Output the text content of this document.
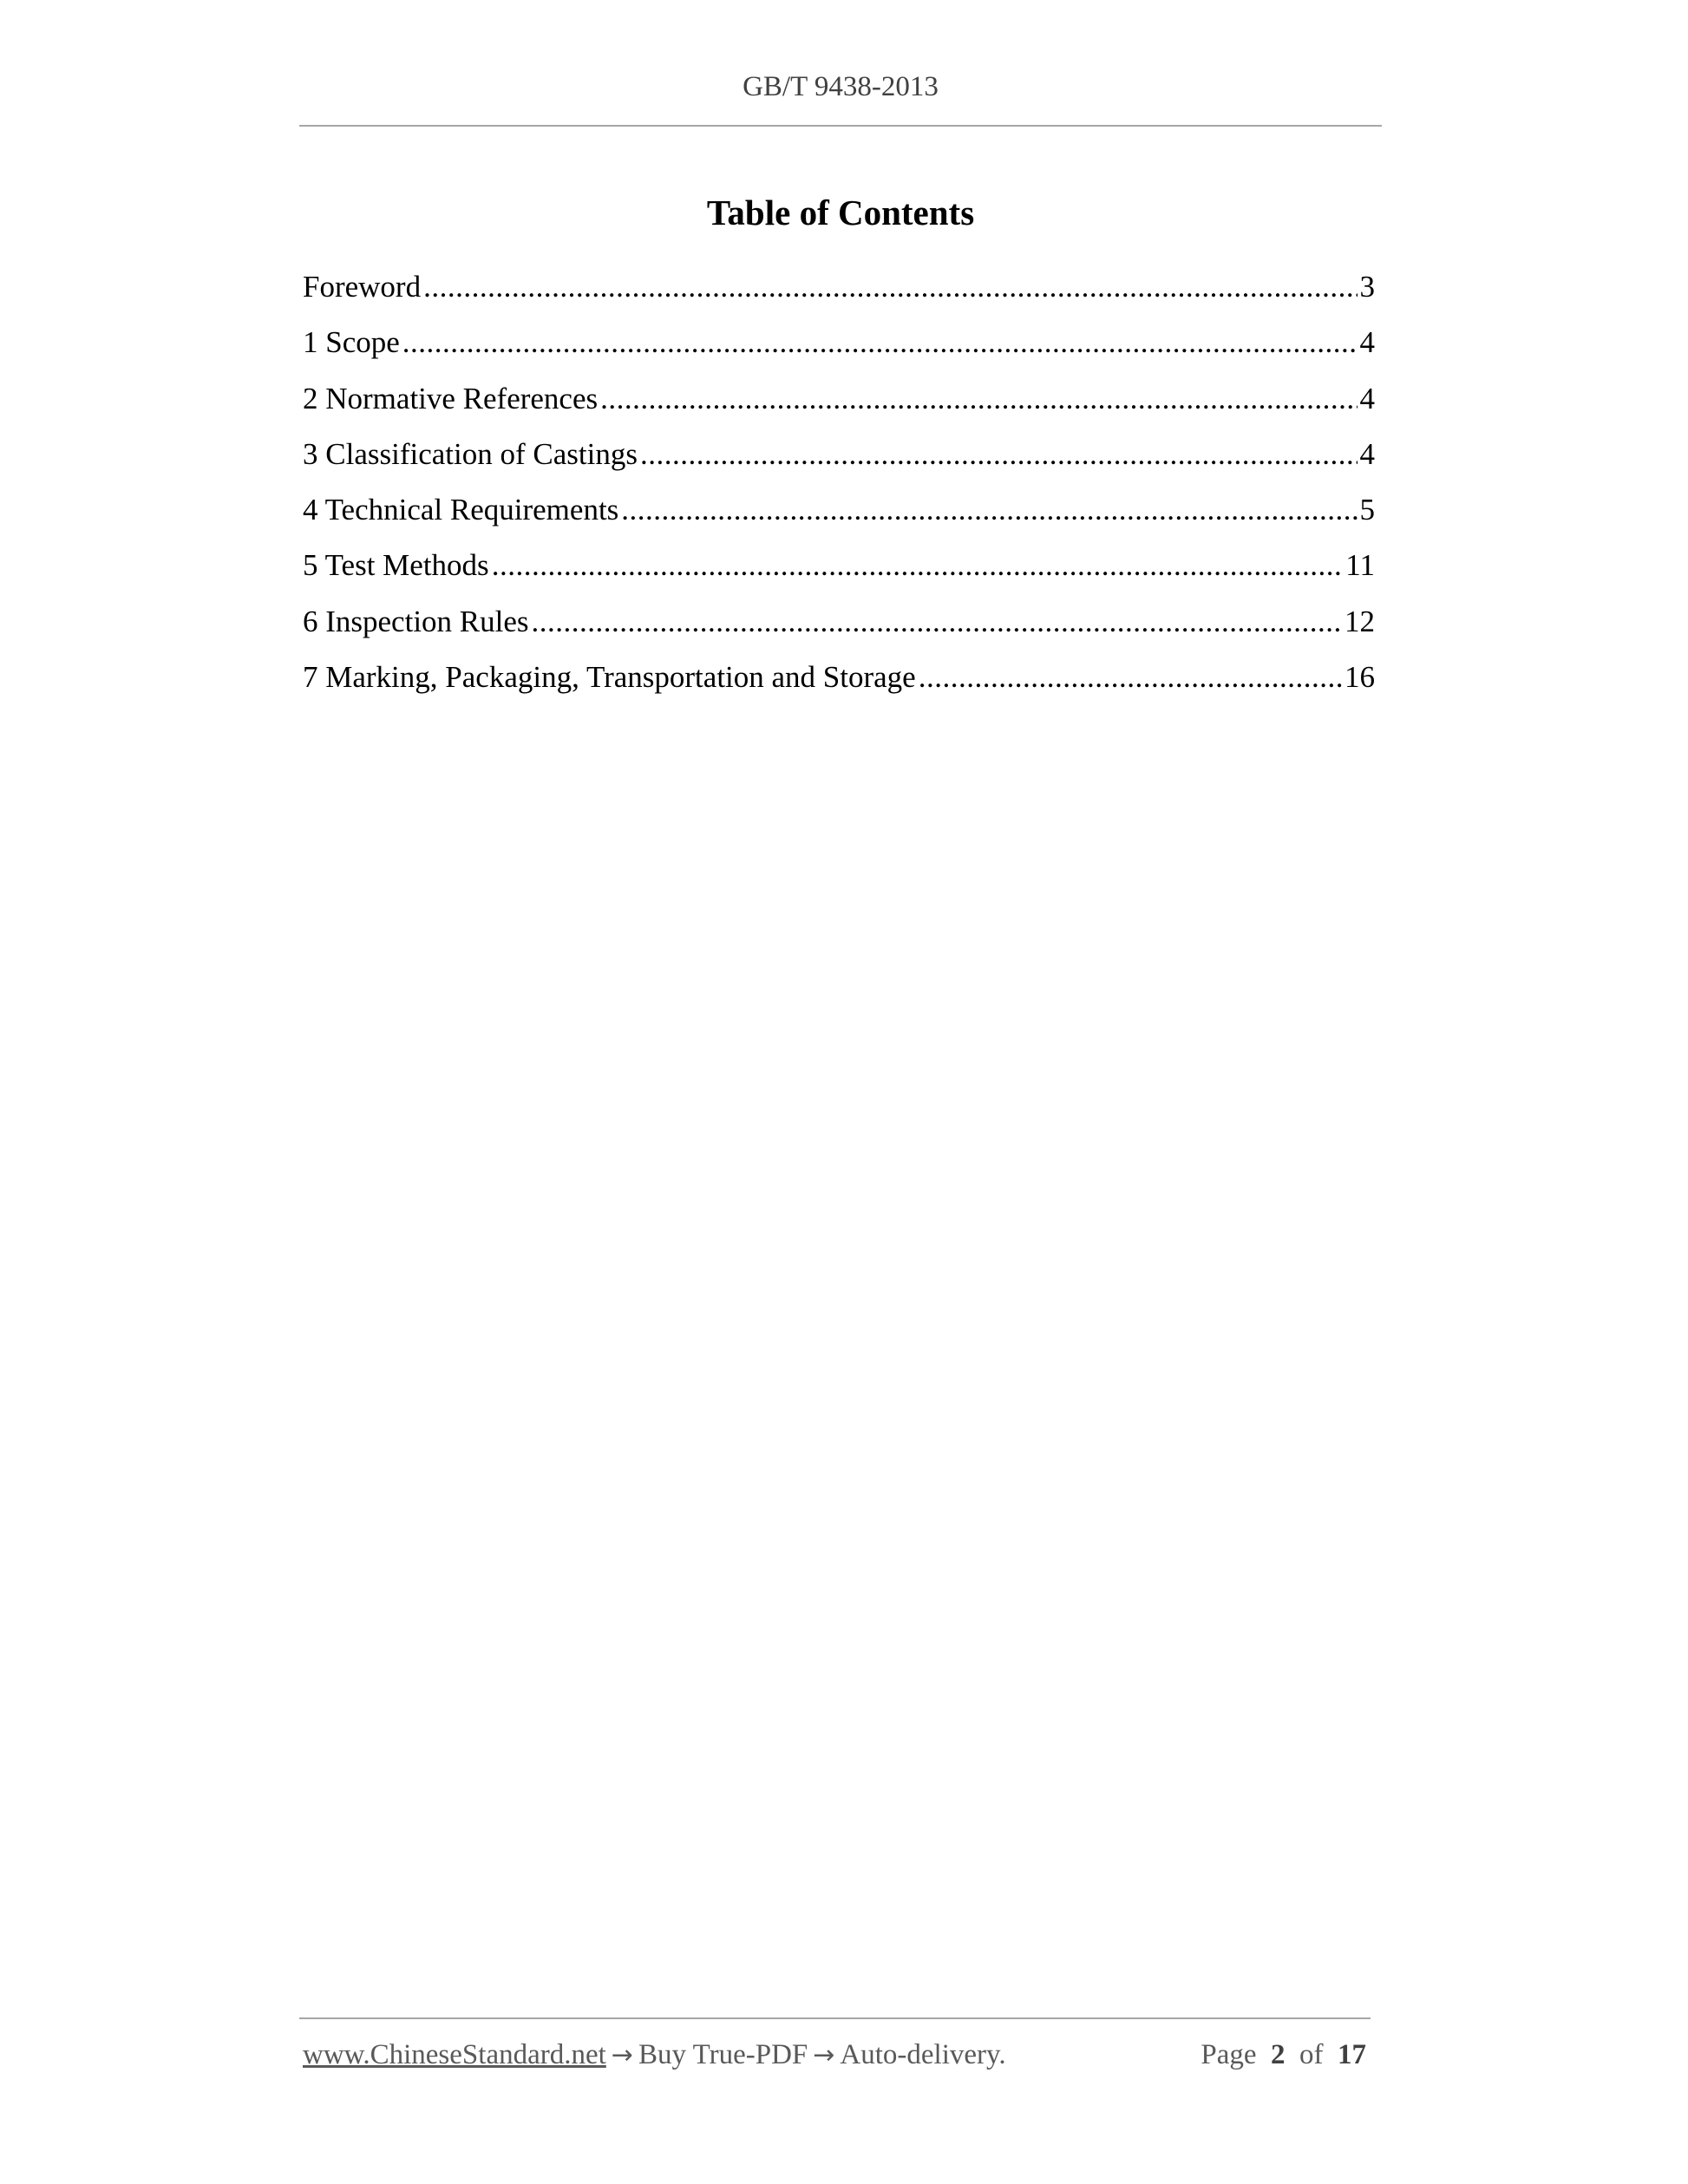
GB/T 9438-2013
Table of Contents
Foreword .....	3
1 Scope .....	4
2 Normative References .....	4
3 Classification of Castings .....	4
4 Technical Requirements .....	5
5 Test Methods .....	11
6 Inspection Rules .....	12
7 Marking, Packaging, Transportation and Storage .....	16
www.ChineseStandard.net → Buy True-PDF → Auto-delivery.	Page 2 of 17
